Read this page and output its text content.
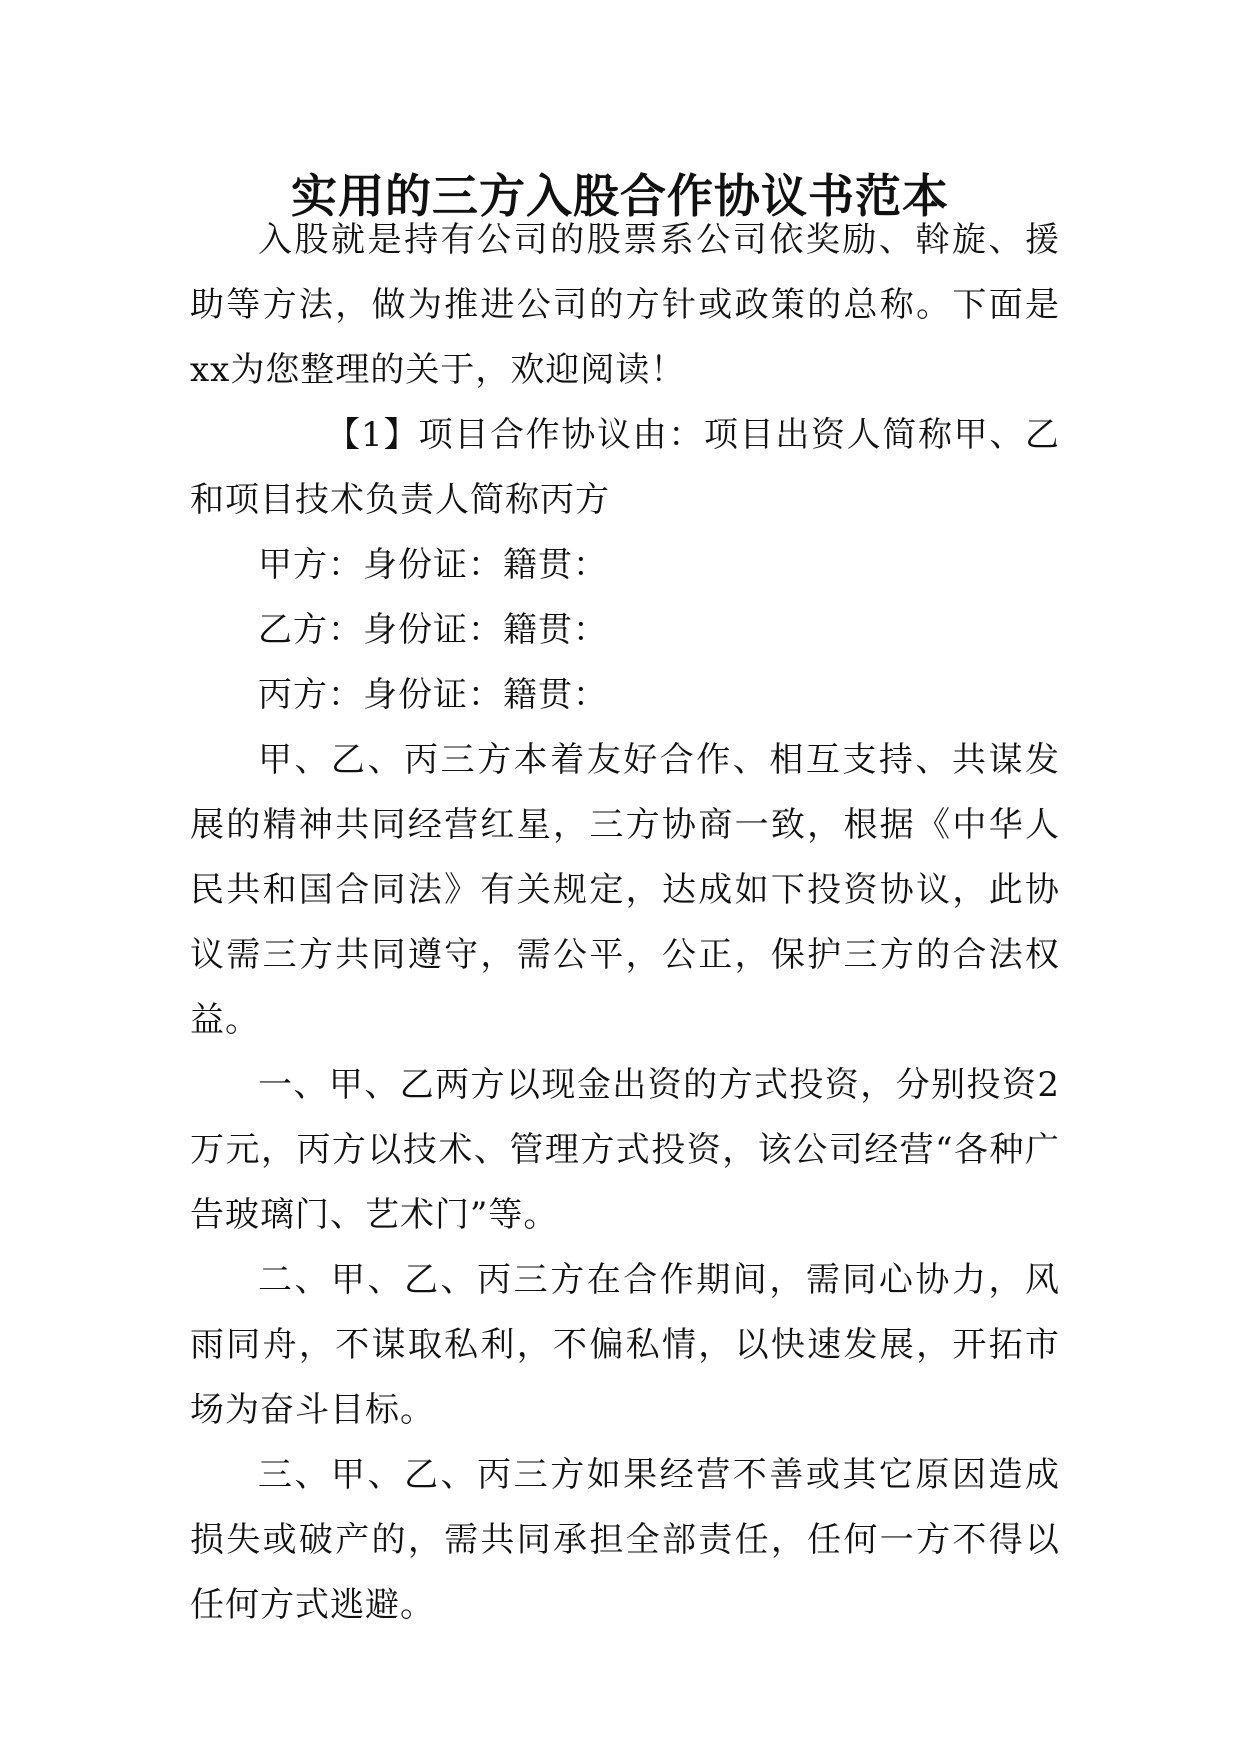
实用的三方入股合作协议书范本

入股就是持有公司的股票系公司依奖励、斡旋、援助等方法，做为推进公司的方针或政策的总称。下面是xx为您整理的关于，欢迎阅读！

【1】项目合作协议由：项目出资人简称甲、乙和项目技术负责人简称丙方

甲方：身份证：籍贯：

乙方：身份证：籍贯：

丙方：身份证：籍贯：

甲、乙、丙三方本着友好合作、相互支持、共谋发展的精神共同经营红星，三方协商一致，根据《中华人民共和国合同法》有关规定，达成如下投资协议，此协议需三方共同遵守，需公平，公正，保护三方的合法权益。

一、甲、乙两方以现金出资的方式投资，分别投资2万元，丙方以技术、管理方式投资，该公司经营“各种广告玻璃门、艺术门”等。

二、甲、乙、丙三方在合作期间，需同心协力，风雨同舟，不谋取私利，不偏私情，以快速发展，开拓市场为奋斗目标。

三、甲、乙、丙三方如果经营不善或其它原因造成损失或破产的，需共同承担全部责任，任何一方不得以任何方式逃避。
